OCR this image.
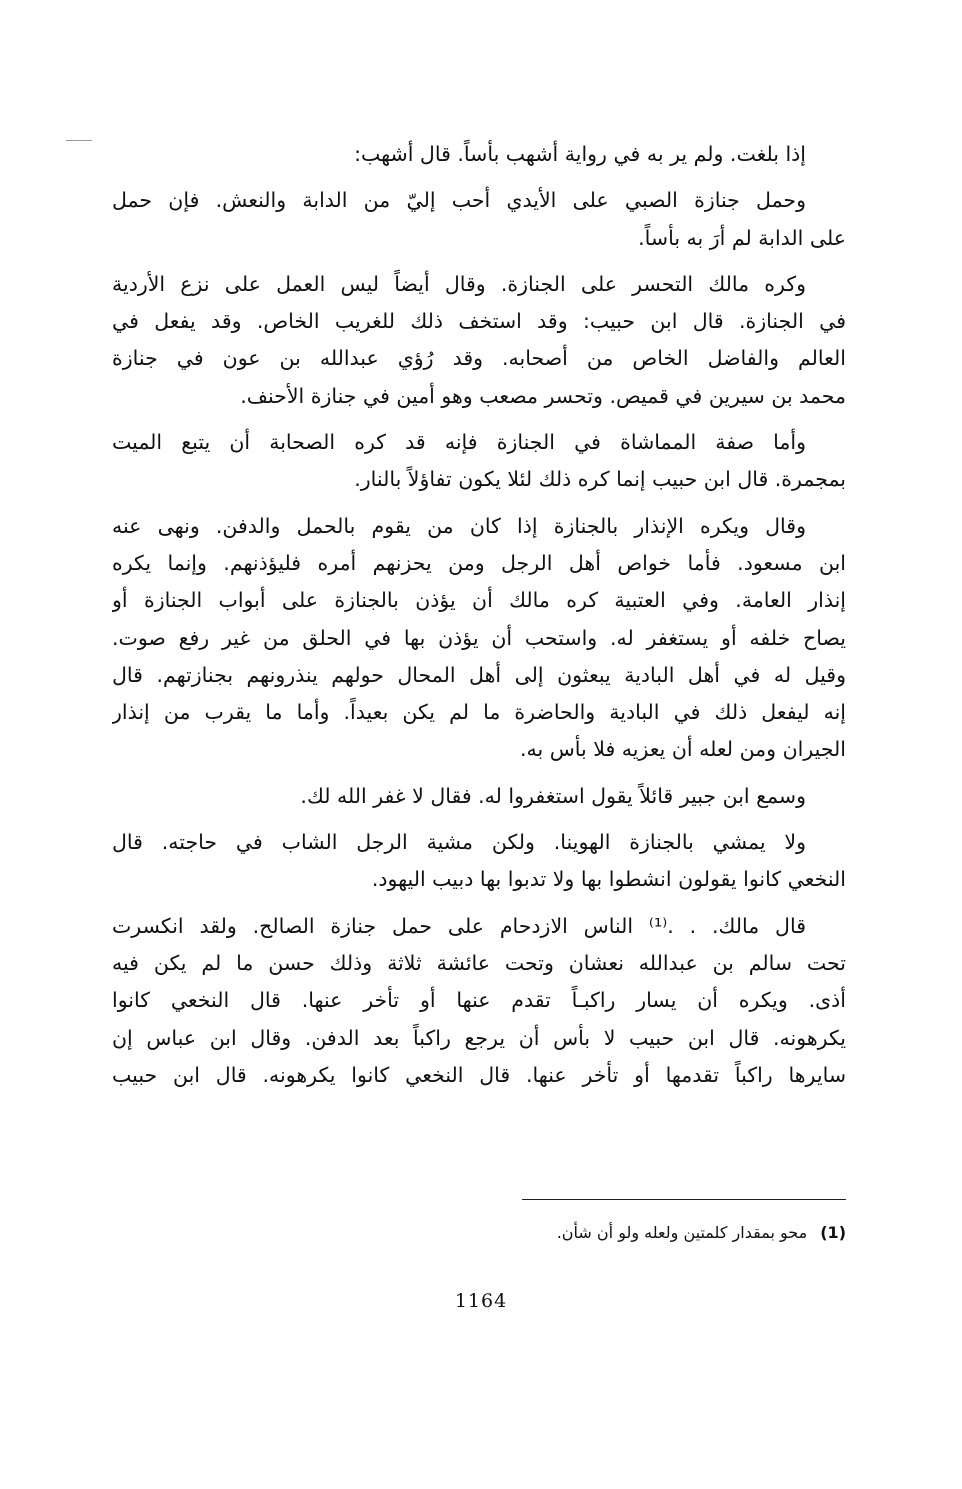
إذا بلغت. ولم ير به في رواية أشهب بأساً. قال أشهب:
وحمل جنازة الصبي على الأيدي أحب إليّ من الدابة والنعش. فإن حمل
على الدابة لم أرَ به بأساً.
وكره مالك التحسر على الجنازة. وقال أيضاً ليس العمل على نزع الأردية
في الجنازة. قال ابن حبيب: وقد استخف ذلك للغريب الخاص. وقد يفعل في
العالم والفاضل الخاص من أصحابه. وقد رُؤي عبدالله بن عون في جنازة
محمد بن سيرين في قميص. وتحسر مصعب وهو أمين في جنازة الأحنف.
وأما صفة المماشاة في الجنازة فإنه قد كره الصحابة أن يتبع الميت
بمجمرة. قال ابن حبيب إنما كره ذلك لئلا يكون تفاؤلاً بالنار.
وقال ويكره الإنذار بالجنازة إذا كان من يقوم بالحمل والدفن. ونهى عنه
ابن مسعود. فأما خواص أهل الرجل ومن يحزنهم أمره فليؤذنهم. وإنما يكره
إنذار العامة. وفي العتبية كره مالك أن يؤذن بالجنازة على أبواب الجنازة أو
يصاح خلفه أو يستغفر له. واستحب أن يؤذن بها في الحلق من غير رفع صوت.
وقيل له في أهل البادية يبعثون إلى أهل المحال حولهم ينذرونهم بجنازتهم. قال
إنه ليفعل ذلك في البادية والحاضرة ما لم يكن بعيداً. وأما ما يقرب من إنذار
الجيران ومن لعله أن يعزيه فلا بأس به.
وسمع ابن جبير قائلاً يقول استغفروا له. فقال لا غفر الله لك.
ولا يمشي بالجنازة الهوينا. ولكن مشية الرجل الشاب في حاجته. قال
النخعي كانوا يقولون انشطوا بها ولا تدبوا بها دبيب اليهود.
قال مالك. . .⁽¹⁾ الناس الازدحام على حمل جنازة الصالح. ولقد انكسرت
تحت سالم بن عبدالله نعشان وتحت عائشة ثلاثة وذلك حسن ما لم يكن فيه
أذى. ويكره أن يسار راكبـاً تقدم عنها أو تأخر عنها. قال النخعي كانوا
يكرهونه. قال ابن حبيب لا بأس أن يرجع راكباً بعد الدفن. وقال ابن عباس إن
سايرها راكباً تقدمها أو تأخر عنها. قال النخعي كانوا يكرهونه. قال ابن حبيب
(1) محو بمقدار كلمتين ولعله ولو أن شأن.
1164
